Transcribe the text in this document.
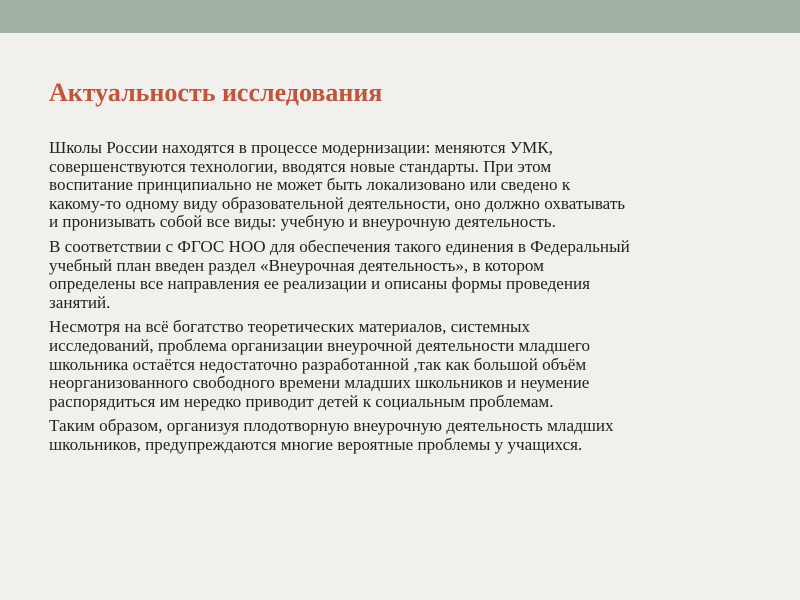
Актуальность исследования

Школы России находятся в процессе модернизации: меняются УМК,
совершенствуются технологии, вводятся новые стандарты. При этом
воспитание принципиально не может быть локализовано или сведено к
какому-то одному виду образовательной деятельности, оно должно охватывать
и пронизывать собой все виды: учебную и внеурочную деятельность.

В соответствии с ФГОС НОО для обеспечения такого единения в Федеральный
учебный план введен раздел «Внеурочная деятельность», в котором
определены все направления ее реализации и описаны формы проведения
занятий.

Несмотря на всё богатство теоретических материалов, системных
исследований, проблема организации внеурочной деятельности младшего
школьника остаётся недостаточно разработанной ,так как большой объём
неорганизованного свободного времени младших школьников и неумение
распорядиться им нередко приводит детей к социальным проблемам.

Таким образом, организуя плодотворную внеурочную деятельность младших
школьников, предупреждаются многие вероятные проблемы у учащихся.
